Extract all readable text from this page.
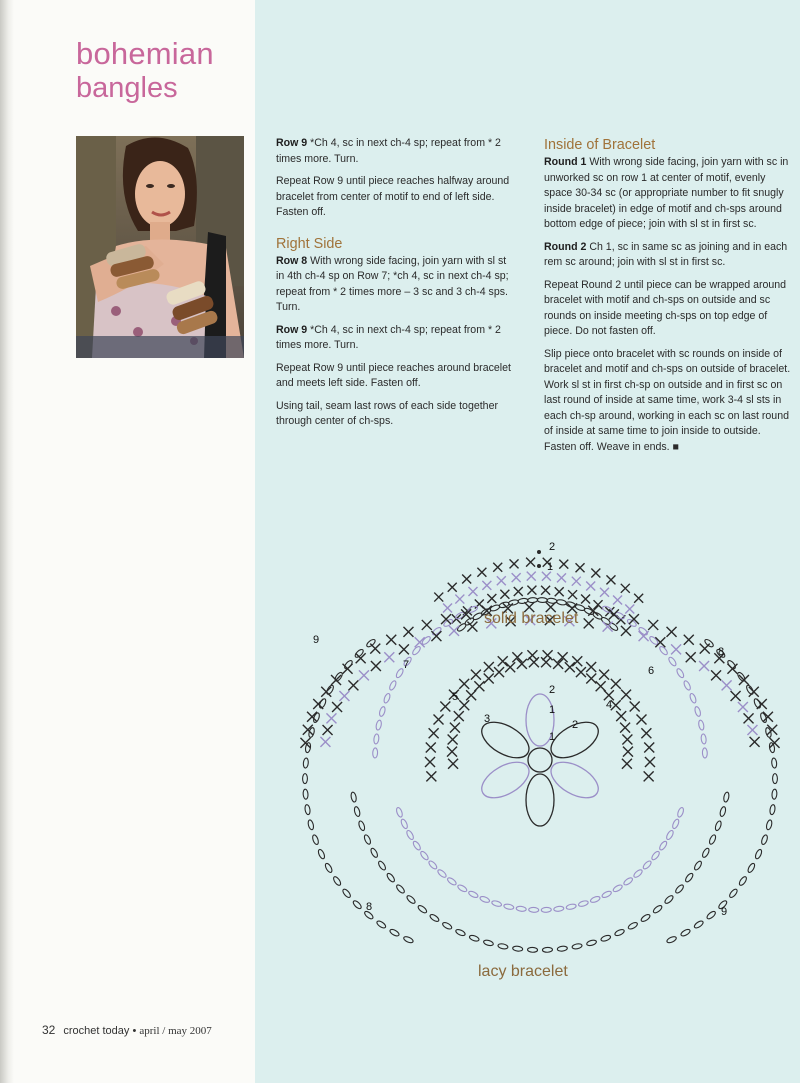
bohemian
bangles

Row 9 *Ch 4, sc in next ch-4 sp; repeat from * 2 times more. Turn.

Repeat Row 9 until piece reaches halfway around bracelet from center of motif to end of left side. Fasten off.

Right Side

Row 8 With wrong side facing, join yarn with sl st in 4th ch-4 sp on Row 7; *ch 4, sc in next ch-4 sp; repeat from * 2 times more – 3 sc and 3 ch-4 sps. Turn.

Row 9 *Ch 4, sc in next ch-4 sp; repeat from * 2 times more. Turn.

Repeat Row 9 until piece reaches around bracelet and meets left side. Fasten off.

Using tail, seam last rows of each side together through center of ch-sps.

Inside of Bracelet

Round 1 With wrong side facing, join yarn with sc in unworked sc on row 1 at center of motif, evenly space 30-34 sc (or appropriate number to fit snugly inside bracelet) in edge of motif and ch-sps around bottom edge of piece; join with sl st in first sc.

Round 2 Ch 1, sc in same sc as joining and in each rem sc around; join with sl st in first sc.

Repeat Round 2 until piece can be wrapped around bracelet with motif and ch-sps on outside and sc rounds on inside meeting ch-sps on top edge of piece. Do not fasten off.

Slip piece onto bracelet with sc rounds on inside of bracelet and motif and ch-sps on outside of bracelet. Work sl st in first ch-sp on outside and in first sc on last round of inside at same time, work 3-4 sl sts in each ch-sp around, working in each sc on last round of inside at same time to join inside to outside. Fasten off. Weave in ends. ■

1
2
1
2
1
2
3
4
5
6
7
8
9
8	9
solid bracelet
lacy bracelet
32 crochet today • april / may 2007
